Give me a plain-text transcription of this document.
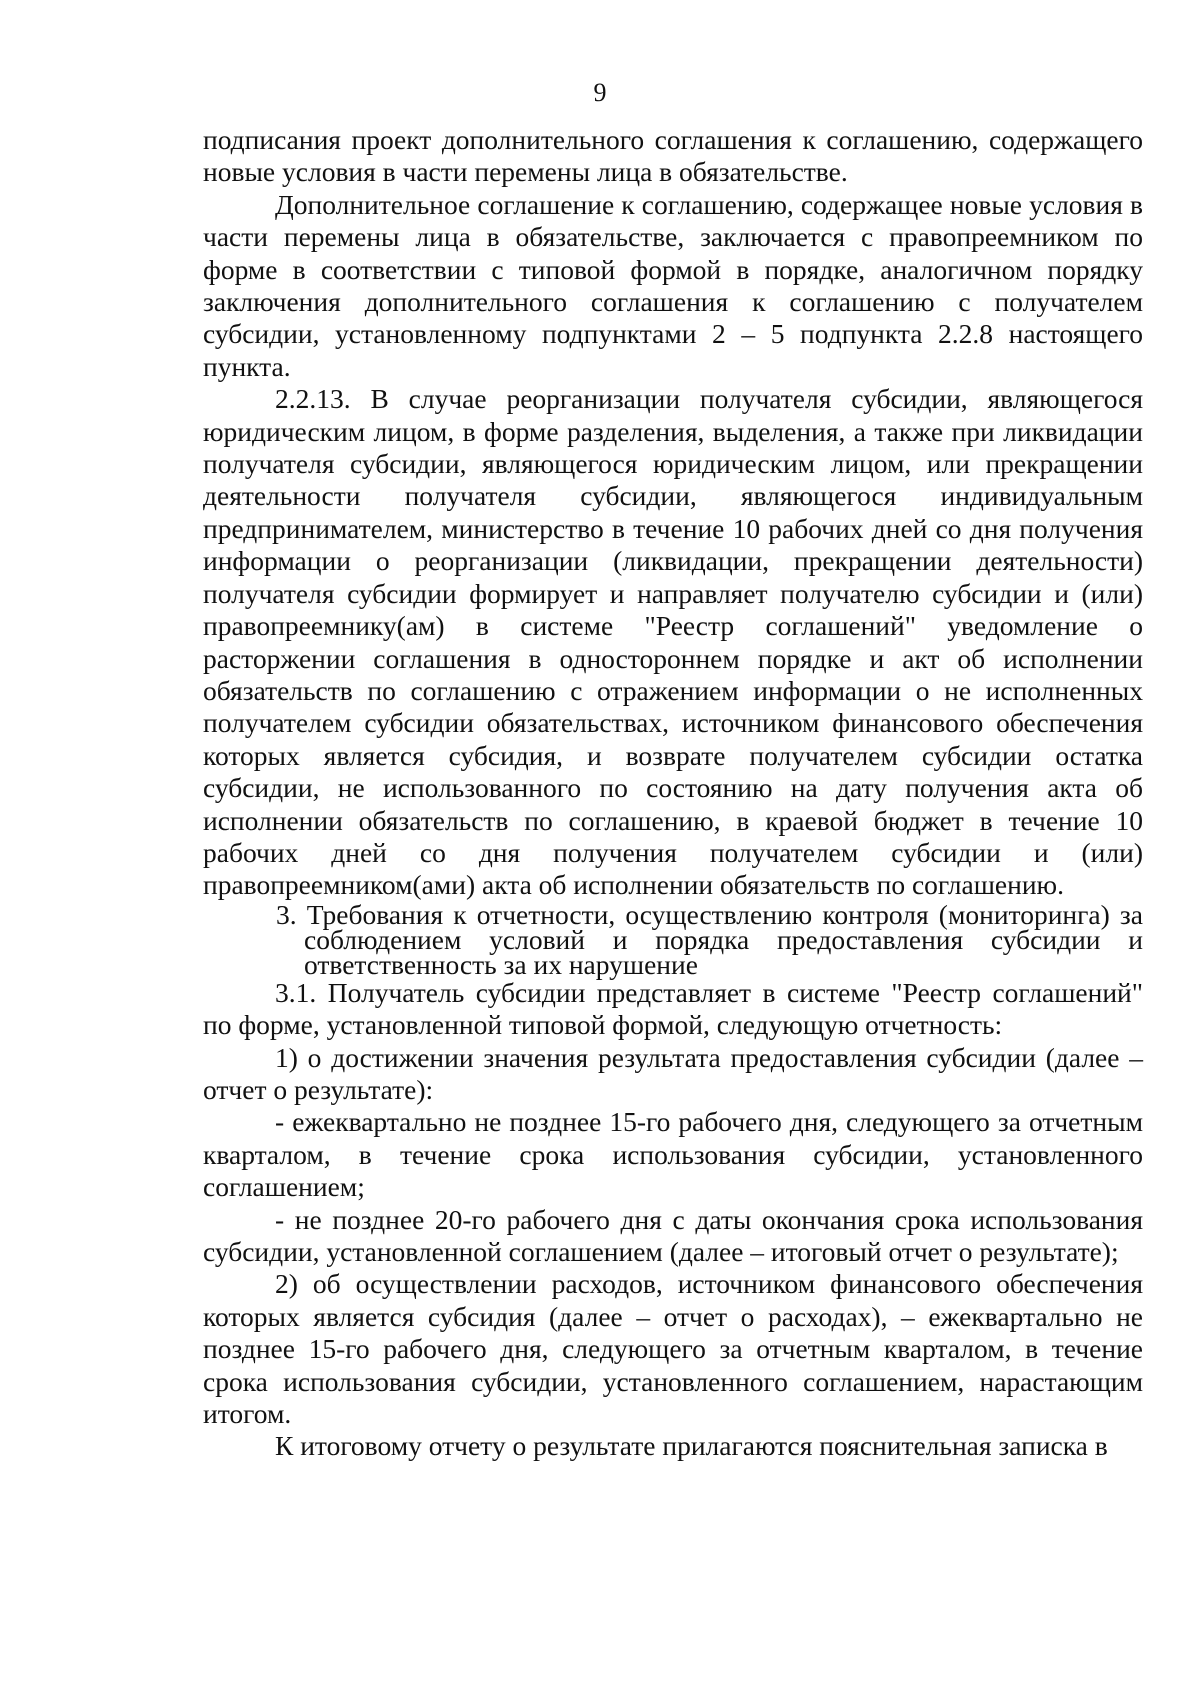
9

подписания проект дополнительного соглашения к соглашению, содержащего новые условия в части перемены лица в обязательстве.

Дополнительное соглашение к соглашению, содержащее новые условия в части перемены лица в обязательстве, заключается с правопреемником по форме в соответствии с типовой формой в порядке, аналогичном порядку заключения дополнительного соглашения к соглашению с получателем субсидии, установленному подпунктами 2 – 5 подпункта 2.2.8 настоящего пункта.

2.2.13. В случае реорганизации получателя субсидии, являющегося юридическим лицом, в форме разделения, выделения, а также при ликвидации получателя субсидии, являющегося юридическим лицом, или прекращении деятельности получателя субсидии, являющегося индивидуальным предпринимателем, министерство в течение 10 рабочих дней со дня получения информации о реорганизации (ликвидации, прекращении деятельности) получателя субсидии формирует и направляет получателю субсидии и (или) правопреемнику(ам) в системе "Реестр соглашений" уведомление о расторжении соглашения в одностороннем порядке и акт об исполнении обязательств по соглашению с отражением информации о не исполненных получателем субсидии обязательствах, источником финансового обеспечения которых является субсидия, и возврате получателем субсидии остатка субсидии, не использованного по состоянию на дату получения акта об исполнении обязательств по соглашению, в краевой бюджет в течение 10 рабочих дней со дня получения получателем субсидии и (или) правопреемником(ами) акта об исполнении обязательств по соглашению.

3. Требования к отчетности, осуществлению контроля (мониторинга) за соблюдением условий и порядка предоставления субсидии и ответственность за их нарушение

3.1. Получатель субсидии представляет в системе "Реестр соглашений" по форме, установленной типовой формой, следующую отчетность:

1) о достижении значения результата предоставления субсидии (далее – отчет о результате):

- ежеквартально не позднее 15-го рабочего дня, следующего за отчетным кварталом, в течение срока использования субсидии, установленного соглашением;

- не позднее 20-го рабочего дня с даты окончания срока использования субсидии, установленной соглашением (далее – итоговый отчет о результате);

2) об осуществлении расходов, источником финансового обеспечения которых является субсидия (далее – отчет о расходах), – ежеквартально не позднее 15-го рабочего дня, следующего за отчетным кварталом, в течение срока использования субсидии, установленного соглашением, нарастающим итогом.

К итоговому отчету о результате прилагаются пояснительная записка в
